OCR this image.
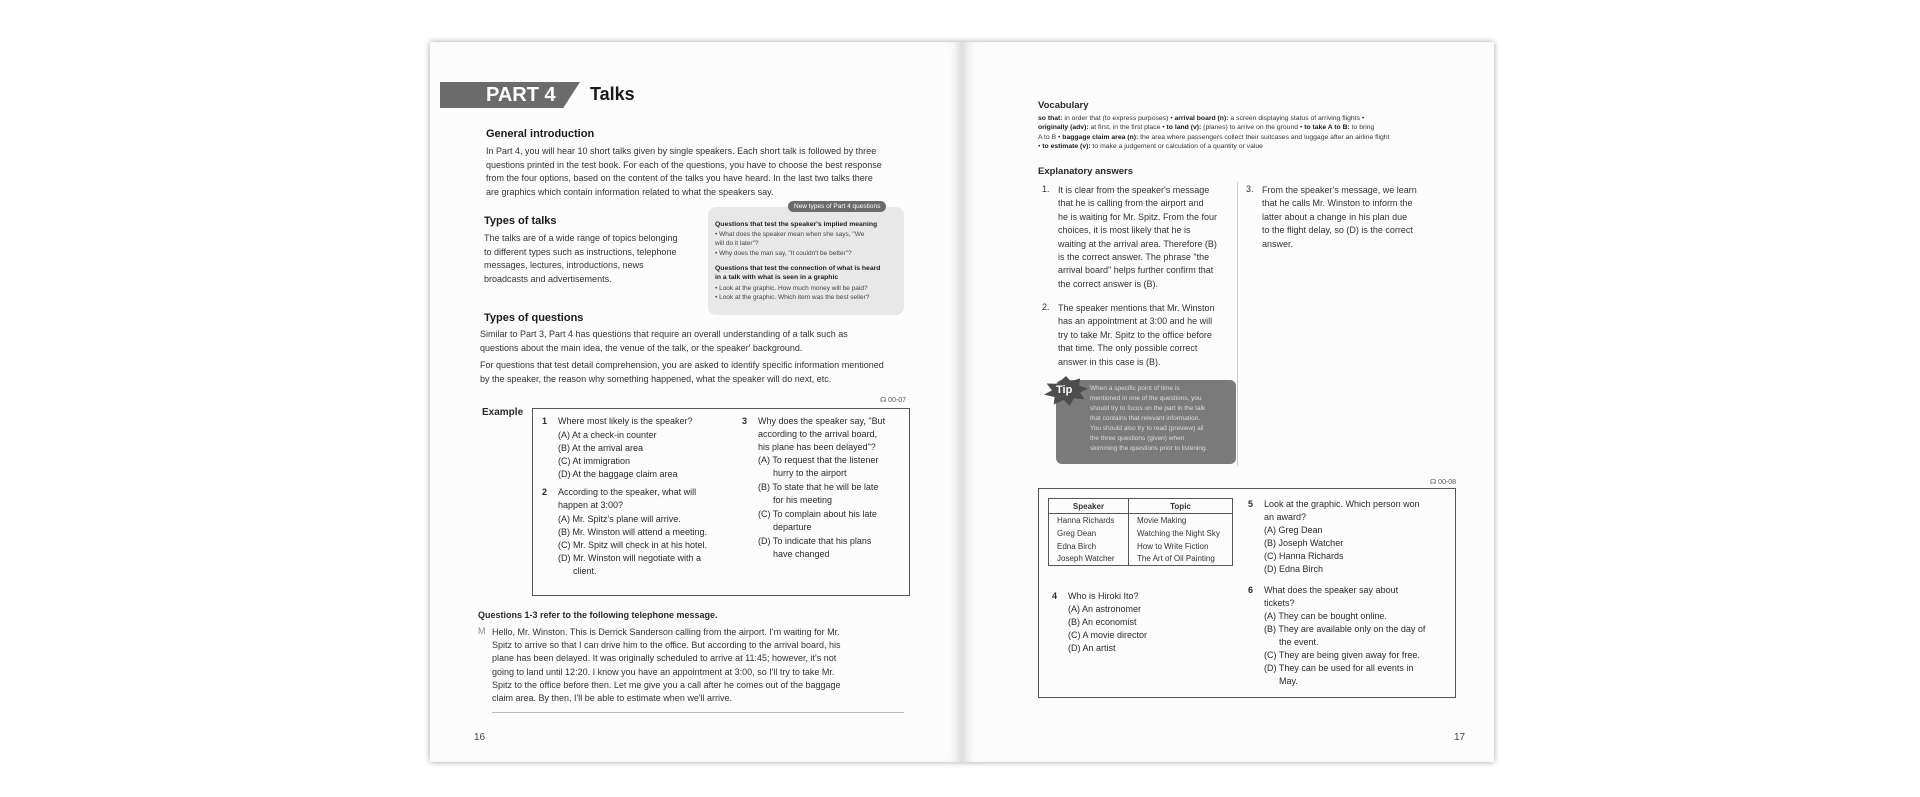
PART 4 Talks
General introduction
In Part 4, you will hear 10 short talks given by single speakers. Each short talk is followed by three
questions printed in the test book. For each of the questions, you have to choose the best response
from the four options, based on the content of the talks you have heard. In the last two talks there
are graphics which contain information related to what the speakers say.
Types of talks
The talks are of a wide range of topics belonging
to different types such as instructions, telephone
messages, lectures, introductions, news
broadcasts and advertisements.
New types of Part 4 questions
Questions that test the speaker's implied meaning
• What does the speaker mean when she says, "We
will do it later"?
• Why does the man say, "It couldn't be better"?
Questions that test the connection of what is heard
in a talk with what is seen in a graphic
• Look at the graphic. How much money will be paid?
• Look at the graphic. Which item was the best seller?
Types of questions
Similar to Part 3, Part 4 has questions that require an overall understanding of a talk such as
questions about the main idea, the venue of the talk, or the speaker' background.
For questions that test detail comprehension, you are asked to identify specific information mentioned
by the speaker, the reason why something happened, what the speaker will do next, etc.
☊ 00-07
Example
1 Where most likely is the speaker?
(A) At a check-in counter
(B) At the arrival area
(C) At immigration
(D) At the baggage claim area
2 According to the speaker, what will
happen at 3:00?
(A) Mr. Spitz's plane will arrive.
(B) Mr. Winston will attend a meeting.
(C) Mr. Spitz will check in at his hotel.
(D) Mr. Winston will negotiate with a
client.
3 Why does the speaker say, "But
according to the arrival board,
his plane has been delayed"?
(A) To request that the listener
hurry to the airport
(B) To state that he will be late
for his meeting
(C) To complain about his late
departure
(D) To indicate that his plans
have changed
Questions 1-3 refer to the following telephone message.
M Hello, Mr. Winston. This is Derrick Sanderson calling from the airport. I'm waiting for Mr.
Spitz to arrive so that I can drive him to the office. But according to the arrival board, his
plane has been delayed. It was originally scheduled to arrive at 11:45; however, it's not
going to land until 12:20. I know you have an appointment at 3:00, so I'll try to take Mr.
Spitz to the office before then. Let me give you a call after he comes out of the baggage
claim area. By then, I'll be able to estimate when we'll arrive.
16
Vocabulary
so that: in order that (to express purposes) • arrival board (n): a screen displaying status of arriving flights •
originally (adv): at first, in the first place • to land (v): (planes) to arrive on the ground • to take A to B: to bring
A to B • baggage claim area (n): the area where passengers collect their suitcases and luggage after an airline flight
• to estimate (v): to make a judgement or calculation of a quantity or value
Explanatory answers
1. It is clear from the speaker's message
that he is calling from the airport and
he is waiting for Mr. Spitz. From the four
choices, it is most likely that he is
waiting at the arrival area. Therefore (B)
is the correct answer. The phrase "the
arrival board" helps further confirm that
the correct answer is (B).
2. The speaker mentions that Mr. Winston
has an appointment at 3:00 and he will
try to take Mr. Spitz to the office before
that time. The only possible correct
answer in this case is (B).
3. From the speaker's message, we learn
that he calls Mr. Winston to inform the
latter about a change in his plan due
to the flight delay, so (D) is the correct
answer.
Tip	When a specific point of time is
mentioned in one of the questions, you
should try to focus on the part in the talk
that contains that relevant information.
You should also try to read (preview) all
the three questions (given) when
skimming the questions prior to listening.
☊ 00-08
Speaker	Topic
Hanna Richards	Movie Making
Greg Dean	Watching the Night Sky
Edna Birch	How to Write Fiction
Joseph Watcher	The Art of Oil Painting
4 Who is Hiroki Ito?
(A) An astronomer
(B) An economist
(C) A movie director
(D) An artist
5 Look at the graphic. Which person won
an award?
(A) Greg Dean
(B) Joseph Watcher
(C) Hanna Richards
(D) Edna Birch
6 What does the speaker say about
tickets?
(A) They can be bought online.
(B) They are available only on the day of
the event.
(C) They are being given away for free.
(D) They can be used for all events in
May.
17
